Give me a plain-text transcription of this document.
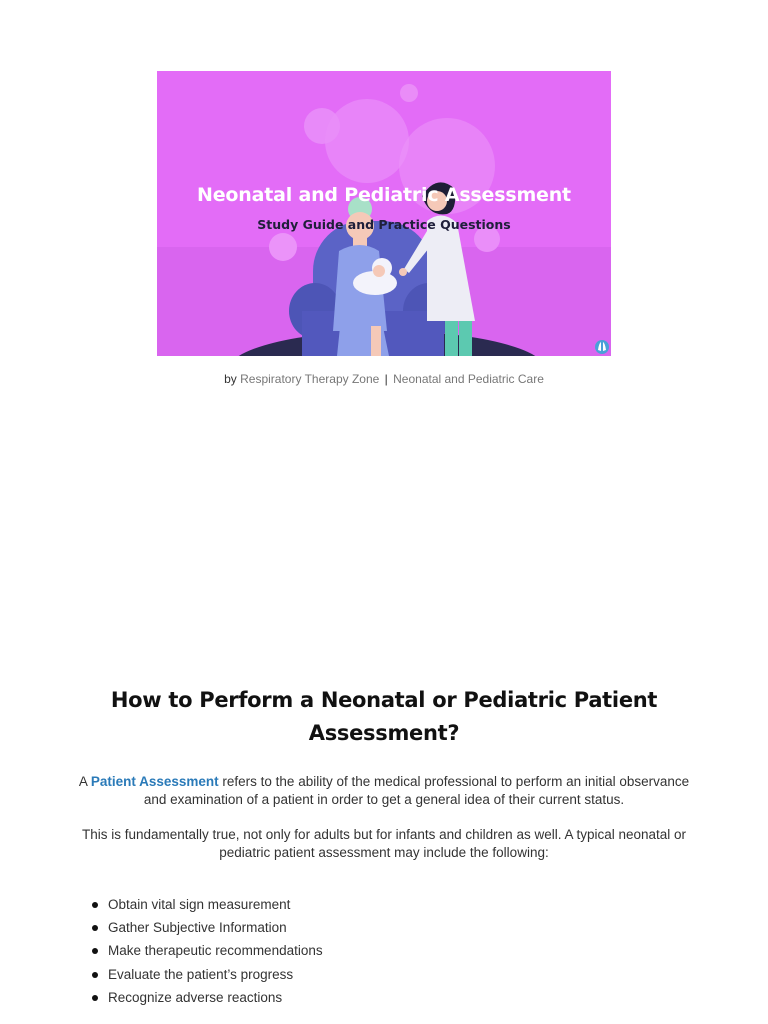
Neonatal and Pediatric Assessment
Study Guide and Practice Questions
by Respiratory Therapy Zone | Neonatal and Pediatric Care
How to Perform a Neonatal or Pediatric Patient Assessment?

A Patient Assessment refers to the ability of the medical professional to perform an initial observance and examination of a patient in order to get a general idea of their current status.

This is fundamentally true, not only for adults but for infants and children as well. A typical neonatal or pediatric patient assessment may include the following:

Obtain vital sign measurement
Gather Subjective Information
Make therapeutic recommendations
Evaluate the patient’s progress
Recognize adverse reactions
